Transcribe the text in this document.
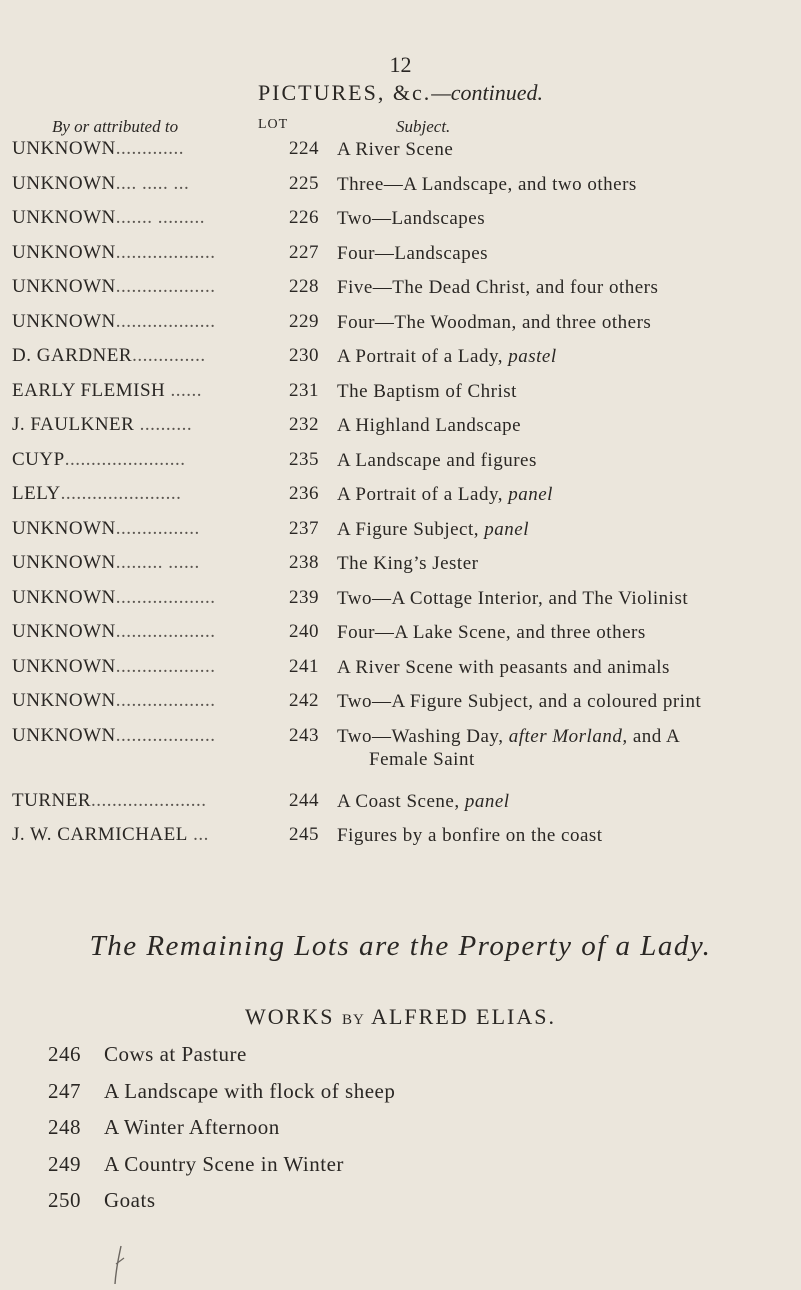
12
PICTURES, &c.—continued.
By or attributed to	LOT	Subject.
UNKNOWN.............	224 A River Scene
UNKNOWN.... ..... ...	225 Three—A Landscape, and two others
UNKNOWN....... .........	226 Two—Landscapes
UNKNOWN...................	227 Four—Landscapes
UNKNOWN...................	228 Five—The Dead Christ, and four others
UNKNOWN...................	229 Four—The Woodman, and three others
D. GARDNER..............	230 A Portrait of a Lady, pastel
EARLY FLEMISH ......	231 The Baptism of Christ
J. FAULKNER ..........	232 A Highland Landscape
CUYP.......................	235 A Landscape and figures
LELY.......................	236 A Portrait of a Lady, panel
UNKNOWN................	237 A Figure Subject, panel
UNKNOWN......... ......	238 The King’s Jester
UNKNOWN...................	239 Two—A Cottage Interior, and The Violinist
UNKNOWN...................	240 Four—A Lake Scene, and three others
UNKNOWN...................	241 A River Scene with peasants and animals
UNKNOWN...................	242 Two—A Figure Subject, and a coloured print
UNKNOWN...................	243 Two—Washing Day, after Morland, and A
Female Saint
TURNER......................	244 A Coast Scene, panel
J. W. CARMICHAEL ...	245 Figures by a bonfire on the coast
The Remaining Lots are the Property of a Lady.
WORKS BY ALFRED ELIAS.
246 Cows at Pasture
247 A Landscape with flock of sheep
248 A Winter Afternoon
249 A Country Scene in Winter
250 Goats
